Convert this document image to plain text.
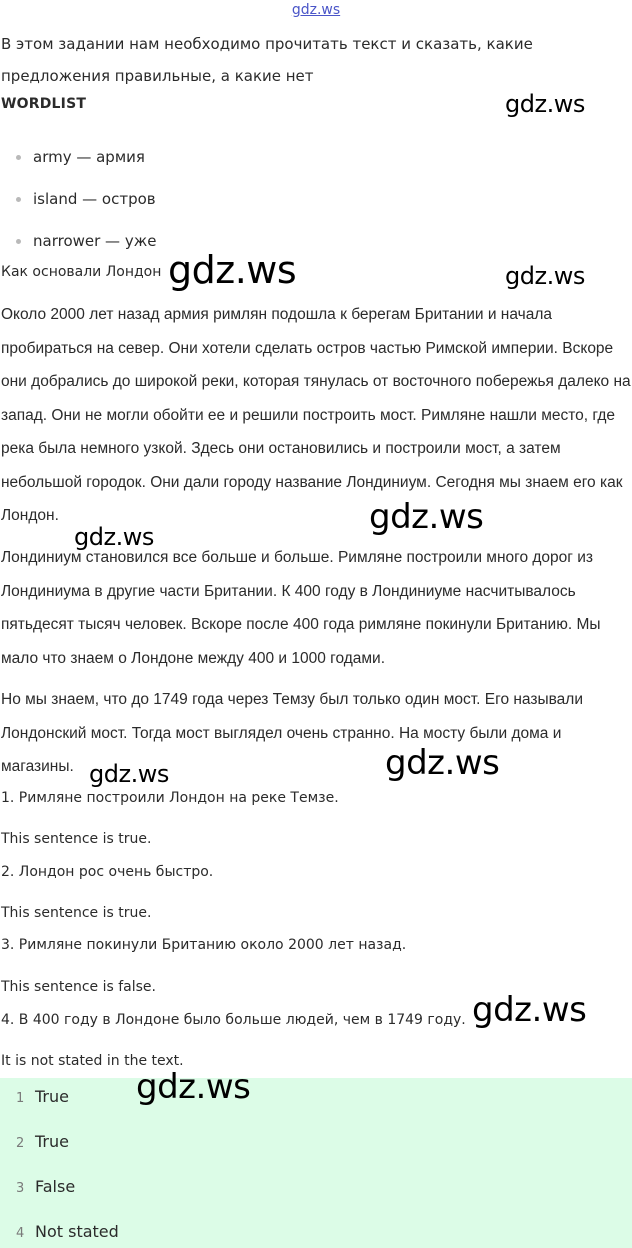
gdz.ws
В этом задании нам необходимо прочитать текст и сказать, какие предложения правильные, а какие нет
WORDLIST
army — армия
island — остров
narrower — уже
Как основали Лондон

Около 2000 лет назад армия римлян подошла к берегам Британии и начала пробираться на север. Они хотели сделать остров частью Римской империи. Вскоре они добрались до широкой реки, которая тянулась от восточного побережья далеко на запад. Они не могли обойти ее и решили построить мост. Римляне нашли место, где река была немного узкой. Здесь они остановились и построили мост, а затем небольшой городок. Они дали городу название Лондиниум. Сегодня мы знаем его как Лондон.

Лондиниум становился все больше и больше. Римляне построили много дорог из Лондиниума в другие части Британии. К 400 году в Лондиниуме насчитывалось пятьдесят тысяч человек. Вскоре после 400 года римляне покинули Британию. Мы мало что знаем о Лондоне между 400 и 1000 годами.

Но мы знаем, что до 1749 года через Темзу был только один мост. Его называли Лондонский мост. Тогда мост выглядел очень странно. На мосту были дома и магазины.

1. Римляне построили Лондон на реке Темзе.
This sentence is true.
2. Лондон рос очень быстро.
This sentence is true.
3. Римляне покинули Британию около 2000 лет назад.
This sentence is false.
4. В 400 году в Лондоне было больше людей, чем в 1749 году.
It is not stated in the text.
1 True
2 True
3 False
4 Not stated
gdz.ws
gdz.ws	gdz.ws
gdz.ws
gdz.ws
gdz.ws	gdz.ws
gdz.ws
gdz.ws
